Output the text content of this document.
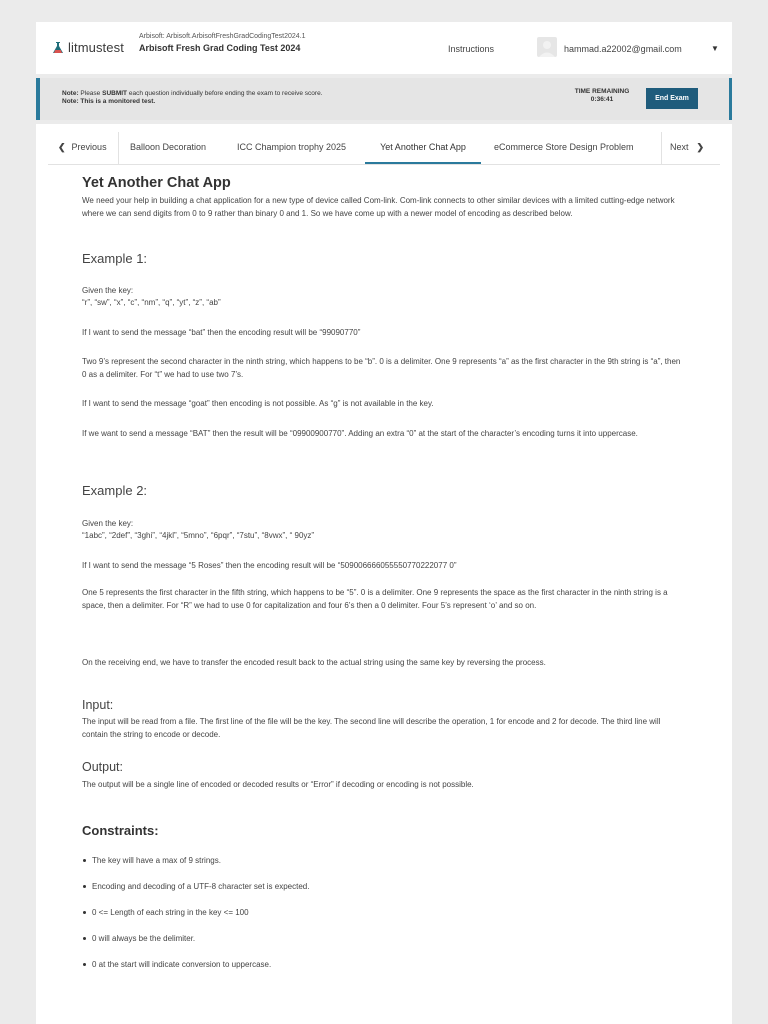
litmustest
Arbisoft: Arbisoft.ArbisoftFreshGradCodingTest2024.1
Arbisoft Fresh Grad Coding Test 2024	Instructions	hammad.a22002@gmail.com	▼
Note: Please SUBMIT each question individually before ending the exam to receive score.
Note: This is a monitored test.
TIME REMAINING
0:36:41	End Exam
❮ Previous	Balloon Decoration	ICC Champion trophy 2025	Yet Another Chat App	eCommerce Store Design Problem	Next ❯
Yet Another Chat App

We need your help in building a chat application for a new type of device called Com-link. Com-link connects to other similar devices with a limited cutting-edge network where we can send digits from 0 to 9 rather than binary 0 and 1. So we have come up with a newer model of encoding as described below.

Example 1:

Given the key:

“r”, “sw”, “x”, “c”, “nm”, “q”, “yt”, “z”, “ab”

If I want to send the message “bat” then the encoding result will be “99090770”

Two 9’s represent the second character in the ninth string, which happens to be “b”. 0 is a delimiter. One 9 represents “a” as the first character in the 9th string is “a”, then 0 as a delimiter. For “t” we had to use two 7’s.

If I want to send the message “goat” then encoding is not possible. As “g” is not available in the key.

If we want to send a message “BAT” then the result will be “09900900770”. Adding an extra “0” at the start of the character’s encoding turns it into uppercase.

Example 2:

Given the key:

“1abc”, “2def”, “3ghi”, “4jkl”, “5mno”, “6pqr”, “7stu”, “8vwx”, “ 90yz”

If I want to send the message “5 Roses” then the encoding result will be “509006666055550770222077 0”

One 5 represents the first character in the fifth string, which happens to be “5”. 0 is a delimiter. One 9 represents the space as the first character in the ninth string is a space, then a delimiter. For “R” we had to use 0 for capitalization and four 6’s then a 0 delimiter. Four 5’s represent ‘o’ and so on.

On the receiving end, we have to transfer the encoded result back to the actual string using the same key by reversing the process.

Input:

The input will be read from a file. The first line of the file will be the key. The second line will describe the operation, 1 for encode and 2 for decode. The third line will contain the string to encode or decode.

Output:

The output will be a single line of encoded or decoded results or “Error” if decoding or encoding is not possible.

Constraints:
The key will have a max of 9 strings.
Encoding and decoding of a UTF-8 character set is expected.
0 <= Length of each string in the key <= 100
0 will always be the delimiter.
0 at the start will indicate conversion to uppercase.
